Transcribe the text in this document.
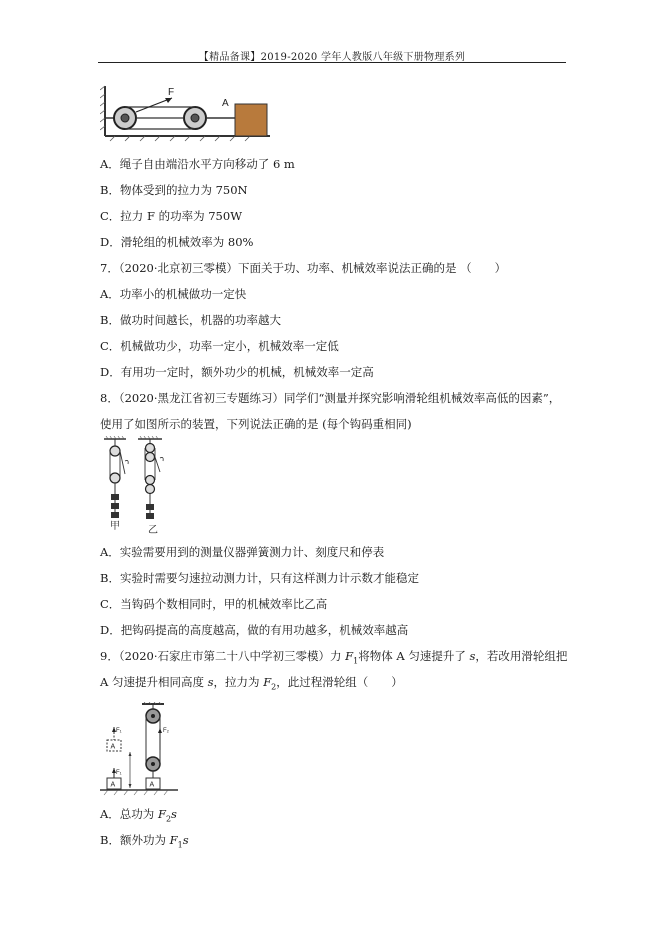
【精品备课】2019-2020 学年人教版八年级下册物理系列
F
A
A．绳子自由端沿水平方向移动了 6 m
B．物体受到的拉力为 750N
C．拉力 F 的功率为 750W
D．滑轮组的机械效率为 80%
7．（2020·北京初三零模）下面关于功、功率、机械效率说法正确的是 （　　）
A．功率小的机械做功一定快
B．做功时间越长，机器的功率越大
C．机械做功少，功率一定小，机械效率一定低
D．有用功一定时，额外功少的机械，机械效率一定高
8．（2020·黑龙江省初三专题练习）同学们“测量并探究影响滑轮组机械效率高低的因素”，
使用了如图所示的装置，下列说法正确的是 (每个钩码重相同)
甲	乙
A．实验需要用到的测量仪器弹簧测力计、刻度尺和停表
B．实验时需要匀速拉动测力计，只有这样测力计示数才能稳定
C．当钩码个数相同时，甲的机械效率比乙高
D．把钩码提高的高度越高，做的有用功越多，机械效率越高
9．（2020·石家庄市第二十八中学初三零模）力 $F_1$将物体 A 匀速提升了 s，若改用滑轮组把
A 匀速提升相同高度 s，拉力为 $F_2$，此过程滑轮组（　　）
A
A	A
F₁
F₁
F₂
A．总功为 $F_2s$
B．额外功为 $F_1s$
